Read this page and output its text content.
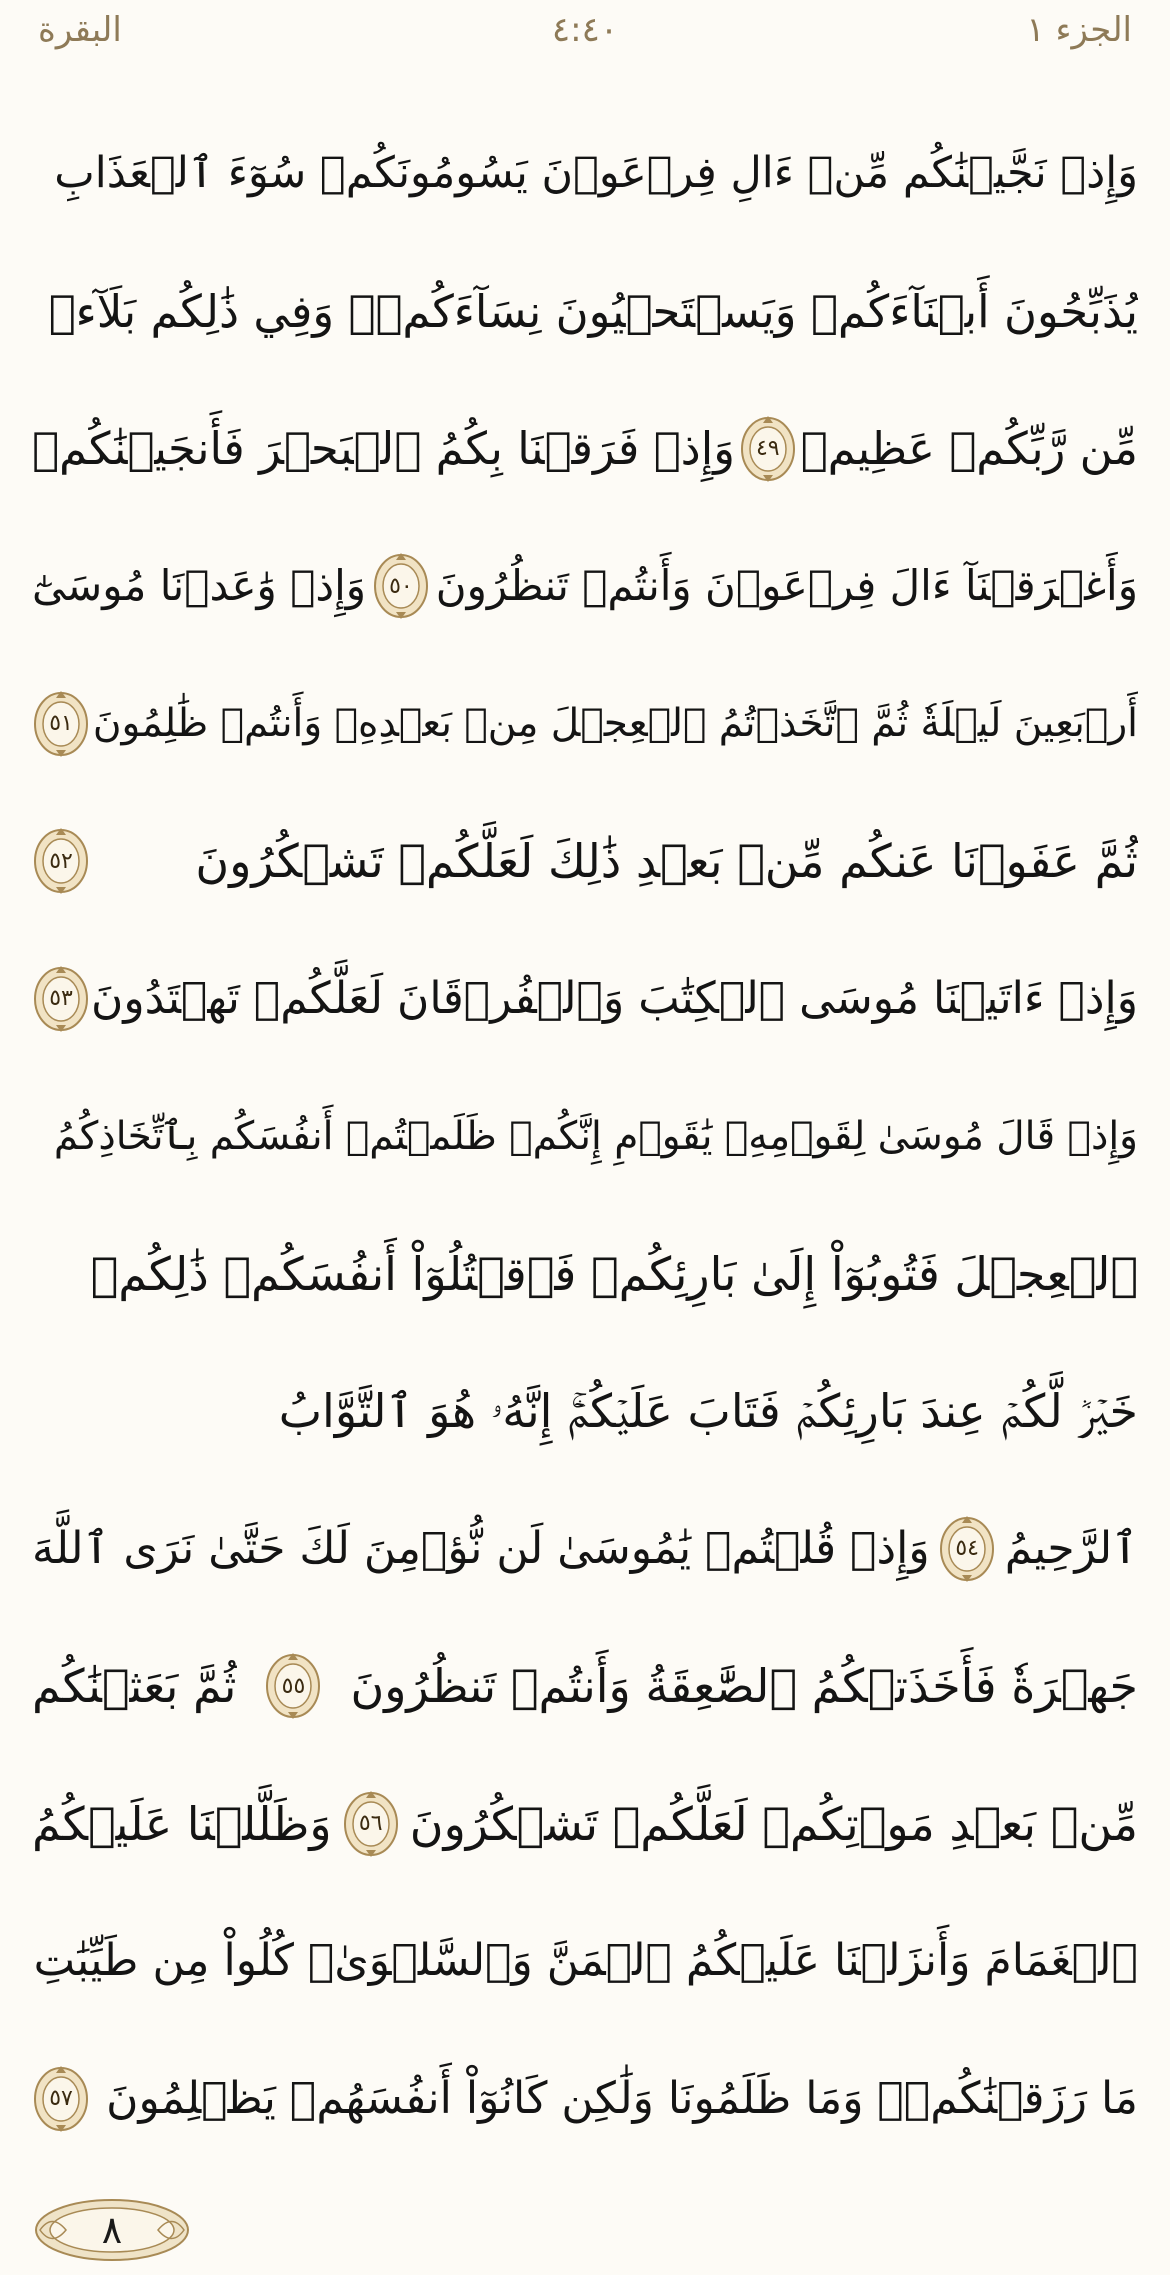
الجزء ١
٤:٤٠
البقرة
وَإِذۡ نَجَّيۡنَٰكُم مِّنۡ ءَالِ فِرۡعَوۡنَ يَسُومُونَكُمۡ سُوٓءَ ٱلۡعَذَابِ
يُذَبِّحُونَ أَبۡنَآءَكُمۡ وَيَسۡتَحۡيُونَ نِسَآءَكُمۡۚ وَفِي ذَٰلِكُم بَلَآءٞ
مِّن رَّبِّكُمۡ عَظِيمٞ
٤٩
وَإِذۡ فَرَقۡنَا بِكُمُ ٱلۡبَحۡرَ فَأَنجَيۡنَٰكُمۡ
وَأَغۡرَقۡنَآ ءَالَ فِرۡعَوۡنَ وَأَنتُمۡ تَنظُرُونَ
٥٠
وَإِذۡ وَٰعَدۡنَا مُوسَىٰٓ
أَرۡبَعِينَ لَيۡلَةٗ ثُمَّ ٱتَّخَذۡتُمُ ٱلۡعِجۡلَ مِنۢ بَعۡدِهِۦ وَأَنتُمۡ ظَٰلِمُونَ
٥١
ثُمَّ عَفَوۡنَا عَنكُم مِّنۢ بَعۡدِ ذَٰلِكَ لَعَلَّكُمۡ تَشۡكُرُونَ
٥٢
وَإِذۡ ءَاتَيۡنَا مُوسَى ٱلۡكِتَٰبَ وَٱلۡفُرۡقَانَ لَعَلَّكُمۡ تَهۡتَدُونَ
٥٣
وَإِذۡ قَالَ مُوسَىٰ لِقَوۡمِهِۦ يَٰقَوۡمِ إِنَّكُمۡ ظَلَمۡتُمۡ أَنفُسَكُم بِٱتِّخَاذِكُمُ
ٱلۡعِجۡلَ فَتُوبُوٓاْ إِلَىٰ بَارِئِكُمۡ فَٱقۡتُلُوٓاْ أَنفُسَكُمۡ ذَٰلِكُمۡ
خَيۡرٞ لَّكُمۡ عِندَ بَارِئِكُمۡ فَتَابَ عَلَيۡكُمۡۚ إِنَّهُۥ هُوَ ٱلتَّوَّابُ
ٱلرَّحِيمُ
٥٤
وَإِذۡ قُلۡتُمۡ يَٰمُوسَىٰ لَن نُّؤۡمِنَ لَكَ حَتَّىٰ نَرَى ٱللَّهَ
جَهۡرَةٗ فَأَخَذَتۡكُمُ ٱلصَّٰعِقَةُ وَأَنتُمۡ تَنظُرُونَ
٥٥
ثُمَّ بَعَثۡنَٰكُم
مِّنۢ بَعۡدِ مَوۡتِكُمۡ لَعَلَّكُمۡ تَشۡكُرُونَ
٥٦
وَظَلَّلۡنَا عَلَيۡكُمُ
ٱلۡغَمَامَ وَأَنزَلۡنَا عَلَيۡكُمُ ٱلۡمَنَّ وَٱلسَّلۡوَىٰۖ كُلُواْ مِن طَيِّبَٰتِ
مَا رَزَقۡنَٰكُمۡۚ وَمَا ظَلَمُونَا وَلَٰكِن كَانُوٓاْ أَنفُسَهُمۡ يَظۡلِمُونَ
٥٧
٨
